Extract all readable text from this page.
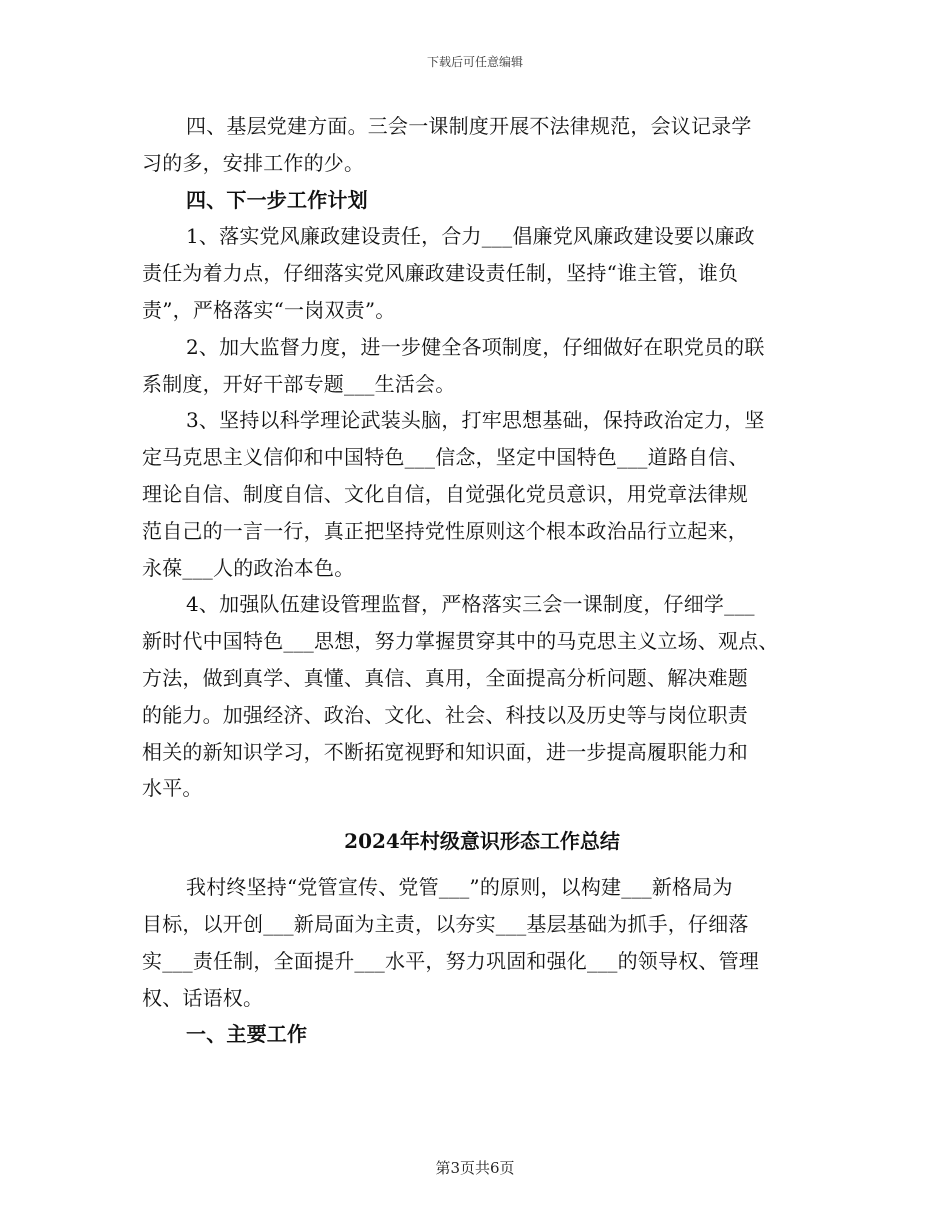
下载后可任意编辑

四、基层党建方面。三会一课制度开展不法律规范，会议记录学
习的多，安排工作的少。

四、下一步工作计划

1、落实党风廉政建设责任，合力___倡廉党风廉政建设要以廉政
责任为着力点，仔细落实党风廉政建设责任制，坚持“谁主管，谁负
责”，严格落实“一岗双责”。

2、加大监督力度，进一步健全各项制度，仔细做好在职党员的联
系制度，开好干部专题___生活会。

3、坚持以科学理论武装头脑，打牢思想基础，保持政治定力，坚
定马克思主义信仰和中国特色___信念，坚定中国特色___道路自信、
理论自信、制度自信、文化自信，自觉强化党员意识，用党章法律规
范自己的一言一行，真正把坚持党性原则这个根本政治品行立起来，
永葆___人的政治本色。

4、加强队伍建设管理监督，严格落实三会一课制度，仔细学___
新时代中国特色___思想，努力掌握贯穿其中的马克思主义立场、观点、
方法，做到真学、真懂、真信、真用，全面提高分析问题、解决难题
的能力。加强经济、政治、文化、社会、科技以及历史等与岗位职责
相关的新知识学习，不断拓宽视野和知识面，进一步提高履职能力和
水平。

2024年村级意识形态工作总结

我村终坚持“党管宣传、党管___”的原则，以构建___新格局为
目标，以开创___新局面为主责，以夯实___基层基础为抓手，仔细落
实___责任制，全面提升___水平，努力巩固和强化___的领导权、管理
权、话语权。

一、主要工作

第3页共6页
